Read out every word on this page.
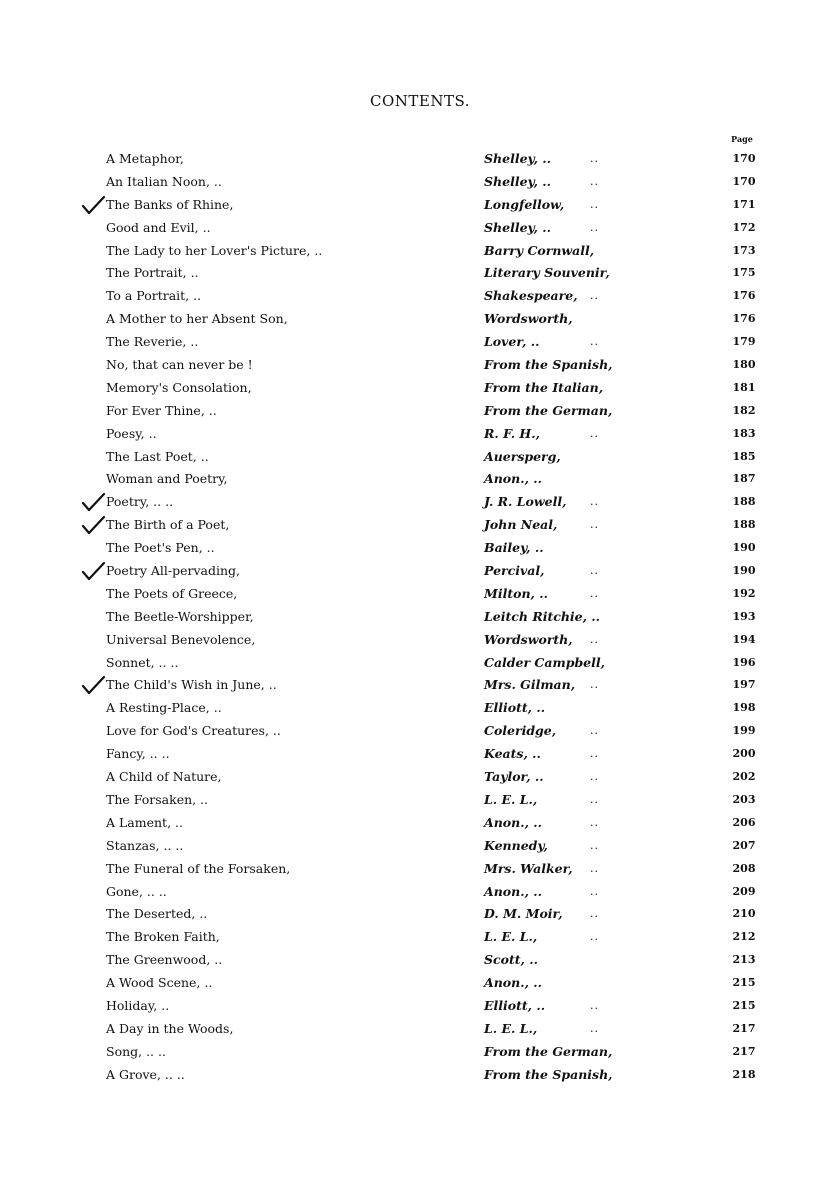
CONTENTS.
Page
A Metaphor,	Shelley, ..	..	170
An Italian Noon, ..	Shelley, ..	..	170
The Banks of Rhine,	Longfellow, ..	171
Good and Evil, ..	Shelley, ..	..	172
The Lady to her Lover's Picture, ..	Barry Cornwall,	173
The Portrait, ..	Literary Souvenir,	175
To a Portrait, ..	Shakespeare, ..	176
A Mother to her Absent Son,	Wordsworth,	176
The Reverie, ..	Lover, ..	..	179
No, that can never be !	From the Spanish,	180
Memory's Consolation,	From the Italian,	181
For Ever Thine, ..	From the German,	182
Poesy, ..	R. F. H.,	..	183
The Last Poet, ..	Auersperg,	185
Woman and Poetry,	Anon., ..	187
Poetry, .. ..	J. R. Lowell, ..	188
The Birth of a Poet,	John Neal,	..	188
The Poet's Pen, ..	Bailey, ..	190
Poetry All-pervading,	Percival,	..	190
The Poets of Greece,	Milton, ..	..	192
The Beetle-Worshipper,	Leitch Ritchie, ..	193
Universal Benevolence,	Wordsworth, ..	194
Sonnet, .. ..	Calder Campbell,	196
The Child's Wish in June, ..	Mrs. Gilman, ..	197
A Resting-Place, ..	Elliott, ..	198
Love for God's Creatures, ..	Coleridge,	..	199
Fancy, .. ..	Keats, ..	..	200
A Child of Nature,	Taylor, ..	..	202
The Forsaken, ..	L. E. L.,	..	203
A Lament, ..	Anon., ..	..	206
Stanzas, .. ..	Kennedy,	..	207
The Funeral of the Forsaken,	Mrs. Walker, ..	208
Gone, .. ..	Anon., ..	..	209
The Deserted, ..	D. M. Moir, ..	210
The Broken Faith,	L. E. L.,	..	212
The Greenwood, ..	Scott, ..	213
A Wood Scene, ..	Anon., ..	215
Holiday, ..	Elliott, ..	..	215
A Day in the Woods,	L. E. L.,	..	217
Song, .. ..	From the German,	217
A Grove, .. ..	From the Spanish,	218
